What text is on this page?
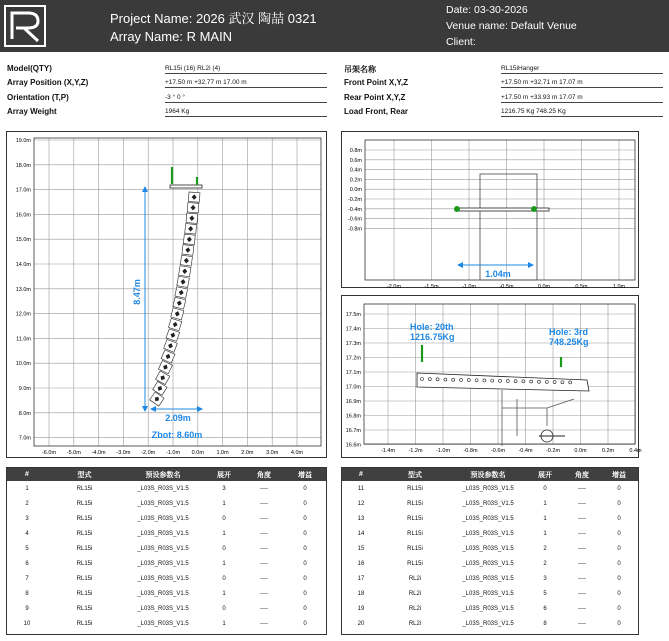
Project Name: 2026 武汉 陶喆 0321
Array Name: R MAIN
Date: 03-30-2026
Venue name: Default Venue
Client:
Model(QTY)	RL15i (16) RL2i (4)
Array Position (X,Y,Z)	+17.50 m +32.77 m 17.00 m
Orientation (T,P)	-3 ° 0 °
Array Weight	1964 Kg
吊架名称	RL15iHanger
Front Point X,Y,Z	+17.50 m +32.71 m 17.07 m
Rear Point X,Y,Z	+17.50 m +33.93 m 17.07 m
Load Front, Rear	1216.75 Kg 748.25 Kg
19.0m
18.0m
17.0m
16.0m
15.0m
14.0m
13.0m
12.0m
11.0m
10.0m
9.0m
8.0m
7.0m
-6.0m -5.0m -4.0m -3.0m -2.0m -1.0m 0.0m 1.0m 2.0m 3.0m 4.0m
8.47m
2.09m
Zbot: 8.60m
0.8m
0.6m
0.4m
0.2m
0.0m
-0.2m
-0.4m
-0.6m
-0.8m
-2.0m	-1.5m	-1.0m	-0.5m	0.0m	0.5m	1.0m
1.04m
17.5m
17.4m
17.3m
17.2m
17.1m
17.0m
16.9m
16.8m
16.7m
16.6m
-1.4m -1.2m -1.0m -0.8m -0.6m -0.4m -0.2m	0.0m	0.2m	0.4m
Hole: 20th
1216.75Kg	Hole: 3rd
748.25Kg
#	型式	预设参数名	展开	角度	增益
1	RL15i	_L03S_R03S_V1.5	3	----	0
2	RL15i	_L03S_R03S_V1.5	1	----	0
3	RL15i	_L03S_R03S_V1.5	0	----	0
4	RL15i	_L03S_R03S_V1.5	1	----	0
5	RL15i	_L03S_R03S_V1.5	0	----	0
6	RL15i	_L03S_R03S_V1.5	1	----	0
7	RL15i	_L03S_R03S_V1.5	0	----	0
8	RL15i	_L03S_R03S_V1.5	1	----	0
9	RL15i	_L03S_R03S_V1.5	0	----	0
10	RL15i	_L03S_R03S_V1.5	1	----	0
#	型式	预设参数名	展开	角度	增益
11	RL15i	_L03S_R03S_V1.5	0	----	0
12	RL15i	_L03S_R03S_V1.5	1	----	0
13	RL15i	_L03S_R03S_V1.5	1	----	0
14	RL15i	_L03S_R03S_V1.5	1	----	0
15	RL15i	_L03S_R03S_V1.5	2	----	0
16	RL15i	_L03S_R03S_V1.5	2	----	0
17	RL2i	_L03S_R03S_V1.5	3	----	0
18	RL2i	_L03S_R03S_V1.5	5	----	0
19	RL2i	_L03S_R03S_V1.5	6	----	0
20	RL2i	_L03S_R03S_V1.5	8	----	0
